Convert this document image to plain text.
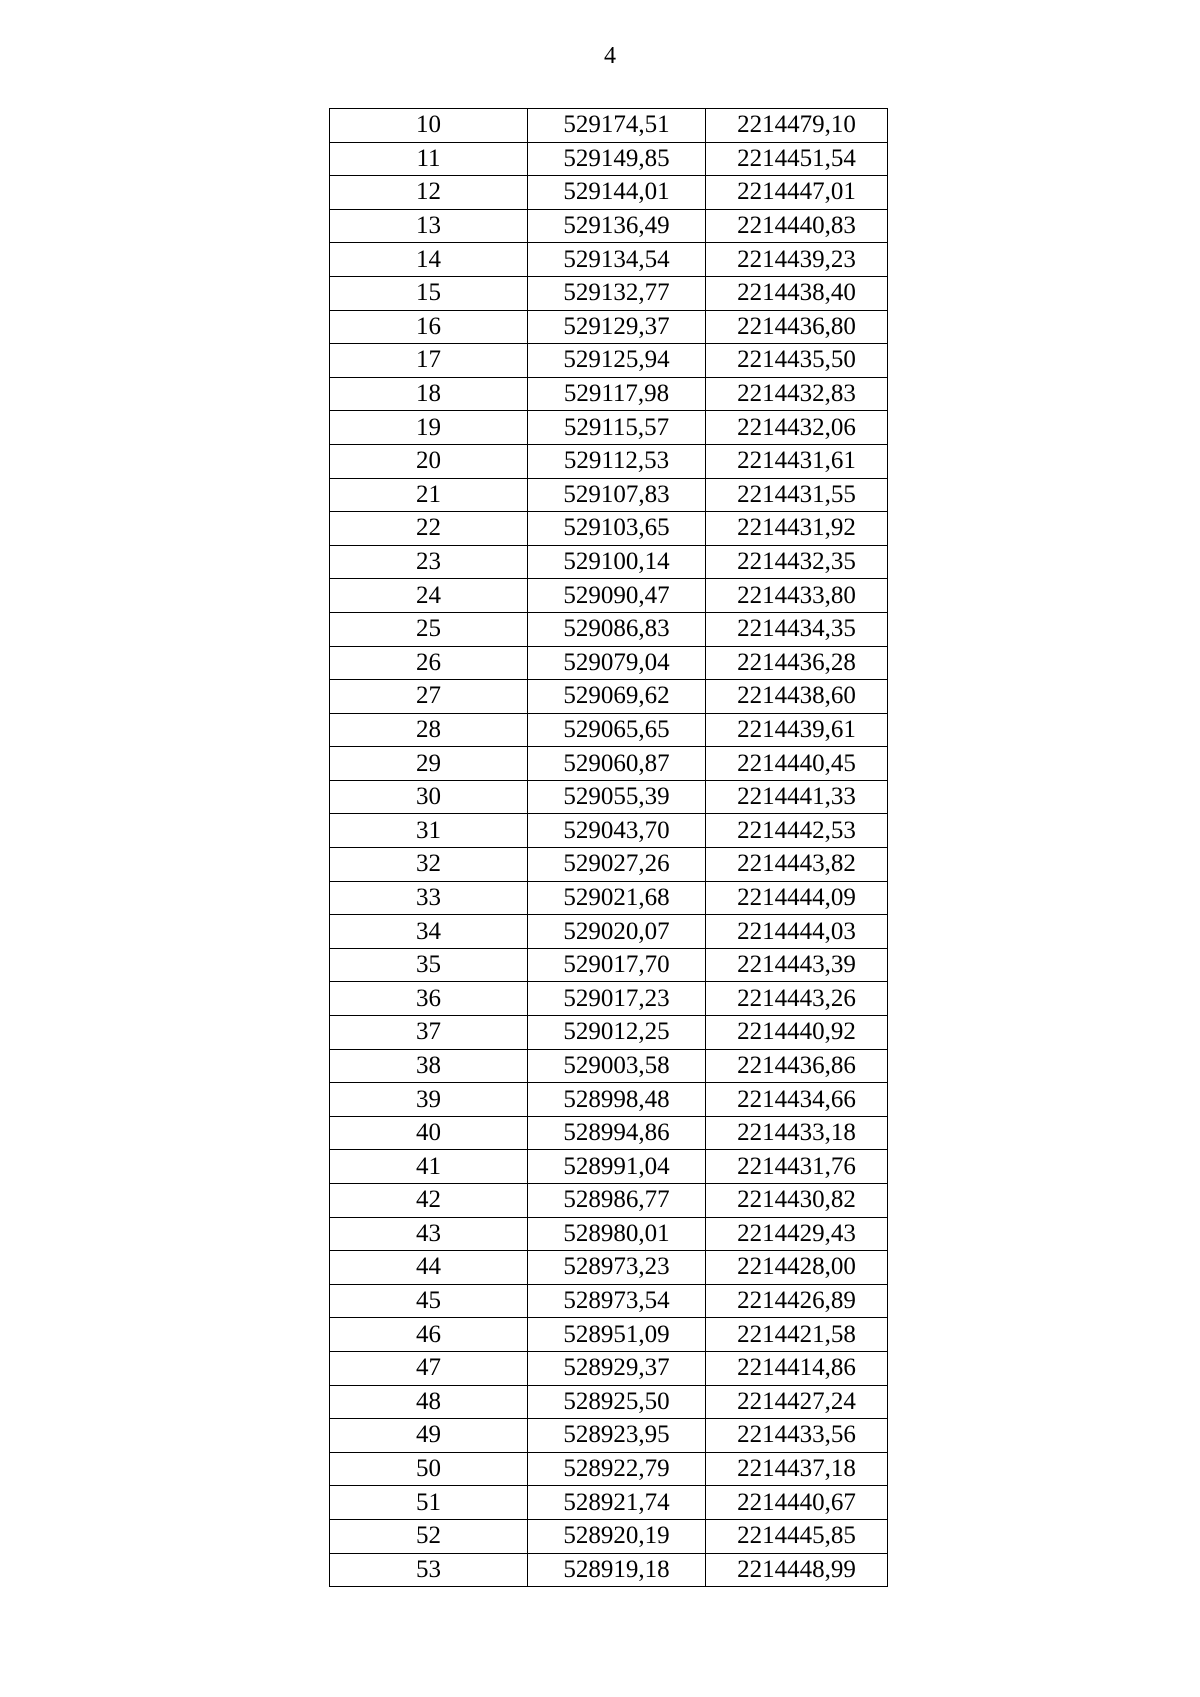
4
10	529174,51	2214479,10
11	529149,85	2214451,54
12	529144,01	2214447,01
13	529136,49	2214440,83
14	529134,54	2214439,23
15	529132,77	2214438,40
16	529129,37	2214436,80
17	529125,94	2214435,50
18	529117,98	2214432,83
19	529115,57	2214432,06
20	529112,53	2214431,61
21	529107,83	2214431,55
22	529103,65	2214431,92
23	529100,14	2214432,35
24	529090,47	2214433,80
25	529086,83	2214434,35
26	529079,04	2214436,28
27	529069,62	2214438,60
28	529065,65	2214439,61
29	529060,87	2214440,45
30	529055,39	2214441,33
31	529043,70	2214442,53
32	529027,26	2214443,82
33	529021,68	2214444,09
34	529020,07	2214444,03
35	529017,70	2214443,39
36	529017,23	2214443,26
37	529012,25	2214440,92
38	529003,58	2214436,86
39	528998,48	2214434,66
40	528994,86	2214433,18
41	528991,04	2214431,76
42	528986,77	2214430,82
43	528980,01	2214429,43
44	528973,23	2214428,00
45	528973,54	2214426,89
46	528951,09	2214421,58
47	528929,37	2214414,86
48	528925,50	2214427,24
49	528923,95	2214433,56
50	528922,79	2214437,18
51	528921,74	2214440,67
52	528920,19	2214445,85
53	528919,18	2214448,99
